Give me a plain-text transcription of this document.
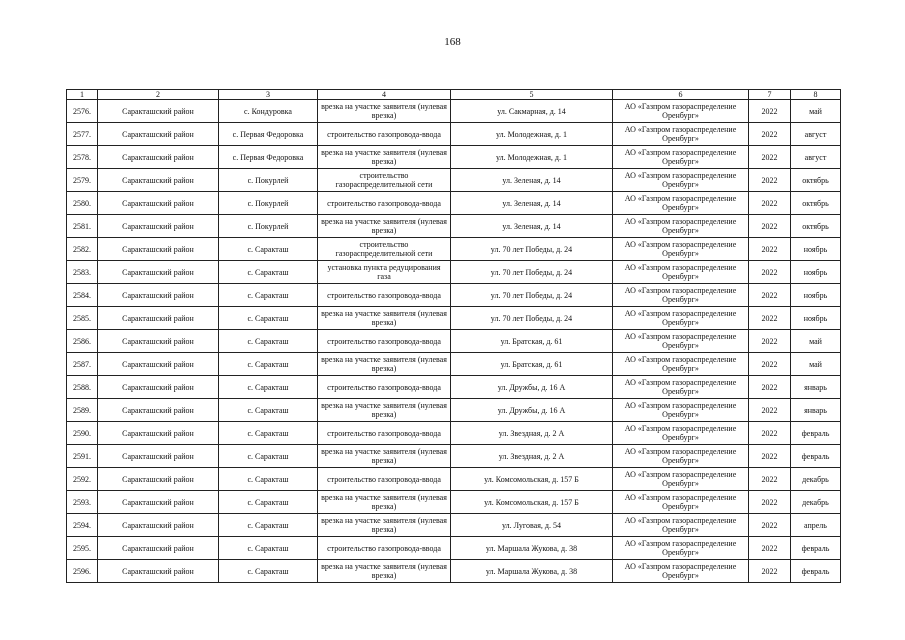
168
1	2	3	4	5	6	7	8
2576.	Саракташский район	с. Кондуровка	врезка на участке заявителя (нулевая врезка)	ул. Сакмарная, д. 14	АО «Газпром газораспределение Оренбург»	2022	май
2577.	Саракташский район	с. Первая Федоровка	строительство газопровода-ввода	ул. Молодежная, д. 1	АО «Газпром газораспределение Оренбург»	2022	август
2578.	Саракташский район	с. Первая Федоровка	врезка на участке заявителя (нулевая врезка)	ул. Молодежная, д. 1	АО «Газпром газораспределение Оренбург»	2022	август
2579.	Саракташский район	с. Покурлей	строительство газораспределительной сети	ул. Зеленая, д. 14	АО «Газпром газораспределение Оренбург»	2022	октябрь
2580.	Саракташский район	с. Покурлей	строительство газопровода-ввода	ул. Зеленая, д. 14	АО «Газпром газораспределение Оренбург»	2022	октябрь
2581.	Саракташский район	с. Покурлей	врезка на участке заявителя (нулевая врезка)	ул. Зеленая, д. 14	АО «Газпром газораспределение Оренбург»	2022	октябрь
2582.	Саракташский район	с. Саракташ	строительство газораспределительной сети	ул. 70 лет Победы, д. 24	АО «Газпром газораспределение Оренбург»	2022	ноябрь
2583.	Саракташский район	с. Саракташ	установка пункта редуцирования газа	ул. 70 лет Победы, д. 24	АО «Газпром газораспределение Оренбург»	2022	ноябрь
2584.	Саракташский район	с. Саракташ	строительство газопровода-ввода	ул. 70 лет Победы, д. 24	АО «Газпром газораспределение Оренбург»	2022	ноябрь
2585.	Саракташский район	с. Саракташ	врезка на участке заявителя (нулевая врезка)	ул. 70 лет Победы, д. 24	АО «Газпром газораспределение Оренбург»	2022	ноябрь
2586.	Саракташский район	с. Саракташ	строительство газопровода-ввода	ул. Братская, д. 61	АО «Газпром газораспределение Оренбург»	2022	май
2587.	Саракташский район	с. Саракташ	врезка на участке заявителя (нулевая врезка)	ул. Братская, д. 61	АО «Газпром газораспределение Оренбург»	2022	май
2588.	Саракташский район	с. Саракташ	строительство газопровода-ввода	ул. Дружбы, д. 16 А	АО «Газпром газораспределение Оренбург»	2022	январь
2589.	Саракташский район	с. Саракташ	врезка на участке заявителя (нулевая врезка)	ул. Дружбы, д. 16 А	АО «Газпром газораспределение Оренбург»	2022	январь
2590.	Саракташский район	с. Саракташ	строительство газопровода-ввода	ул. Звездная, д. 2 А	АО «Газпром газораспределение Оренбург»	2022	февраль
2591.	Саракташский район	с. Саракташ	врезка на участке заявителя (нулевая врезка)	ул. Звездная, д. 2 А	АО «Газпром газораспределение Оренбург»	2022	февраль
2592.	Саракташский район	с. Саракташ	строительство газопровода-ввода	ул. Комсомольская, д. 157 Б	АО «Газпром газораспределение Оренбург»	2022	декабрь
2593.	Саракташский район	с. Саракташ	врезка на участке заявителя (нулевая врезка)	ул. Комсомольская, д. 157 Б	АО «Газпром газораспределение Оренбург»	2022	декабрь
2594.	Саракташский район	с. Саракташ	врезка на участке заявителя (нулевая врезка)	ул. Луговая, д. 54	АО «Газпром газораспределение Оренбург»	2022	апрель
2595.	Саракташский район	с. Саракташ	строительство газопровода-ввода	ул. Маршала Жукова, д. 38	АО «Газпром газораспределение Оренбург»	2022	февраль
2596.	Саракташский район	с. Саракташ	врезка на участке заявителя (нулевая врезка)	ул. Маршала Жукова, д. 38	АО «Газпром газораспределение Оренбург»	2022	февраль
